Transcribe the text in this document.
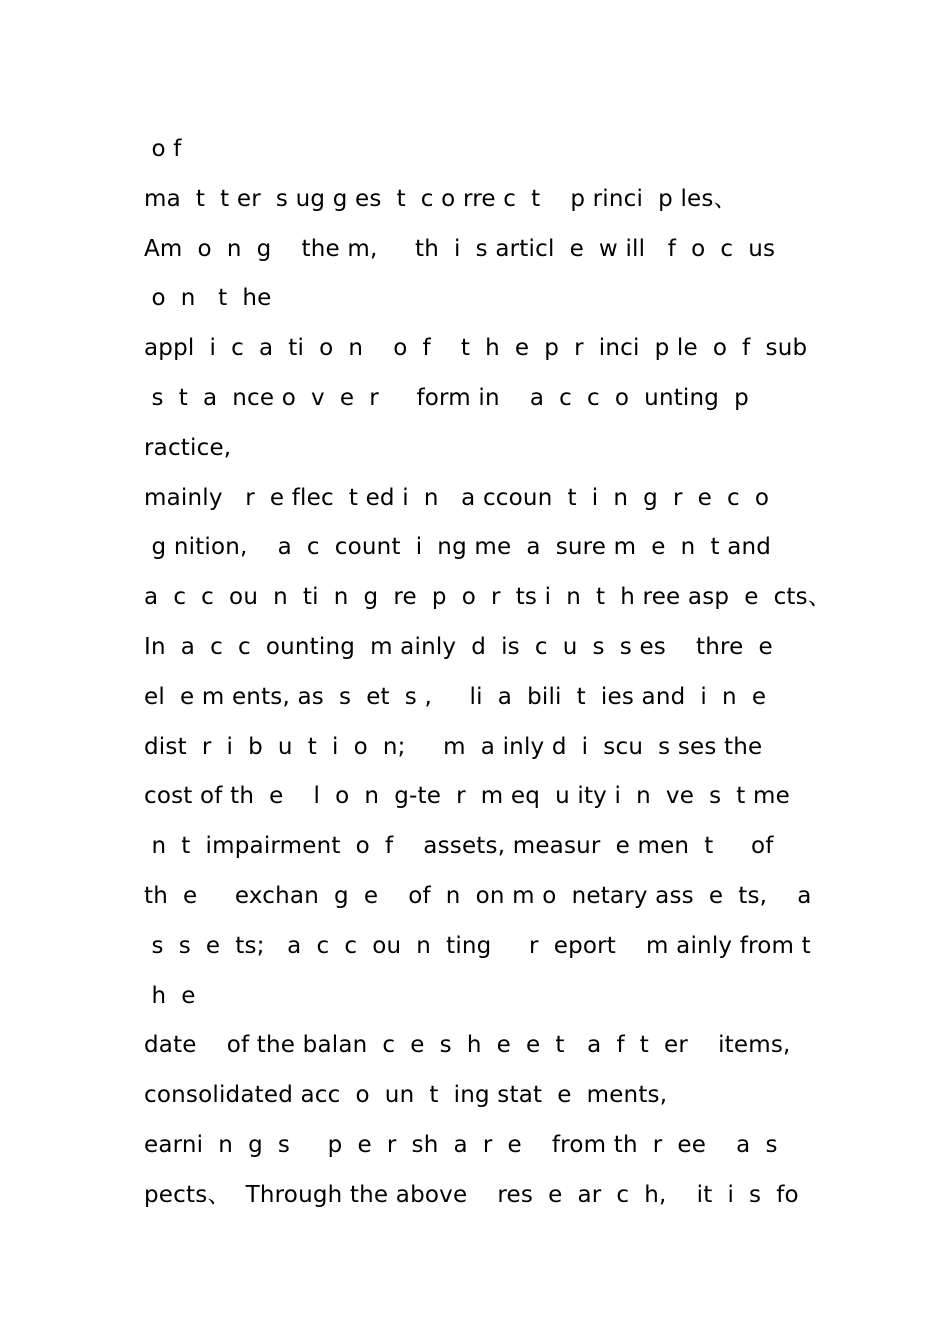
o f
ma  t  t er  s ug g es  t  c o rre c  t    p rinci  p les、
Am  o  n  g    the m,     th  i  s articl  e  w ill   f  o  c  us
o  n   t  he
appl  i  c  a  ti  o  n    o  f    t  h  e  p  r  inci  p le  o  f  sub
s  t  a  nce o  v  e  r     form in    a  c  c  o  unting  p
ractice,
mainly   r  e flec  t ed i  n   a ccoun  t  i  n  g  r  e  c  o
g nition,    a  c  count  i  ng me  a  sure m  e  n  t and
a  c  c  ou  n  ti  n  g  re  p  o  r  ts i  n  t  h ree asp  e  cts、
In  a  c  c  ounting  m ainly  d  is  c  u  s  s es    thre  e
el  e m ents, as  s  et  s ,     li  a  bili  t  ies and  i  n  e
dist  r  i  b  u  t  i  o  n;     m  a inly d  i  scu  s ses the
cost of th  e    l  o  n  g-te  r  m eq  u ity i  n  ve  s  t me
n  t  impairment  o  f    assets, measur  e men  t     of
th  e     exchan  g  e    of  n  on m o  netary ass  e  ts,    a
s  s  e  ts;   a  c  c  ou  n  ting     r  eport    m ainly from t
h  e
date    of the balan  c  e  s  h  e  e  t   a  f  t  er    items,
consolidated acc  o  un  t  ing stat  e  ments,
earni  n  g  s     p  e  r  sh  a  r  e    from th  r  ee    a  s
pects、  Through the above    res  e  ar  c  h,    it  i  s  fo
